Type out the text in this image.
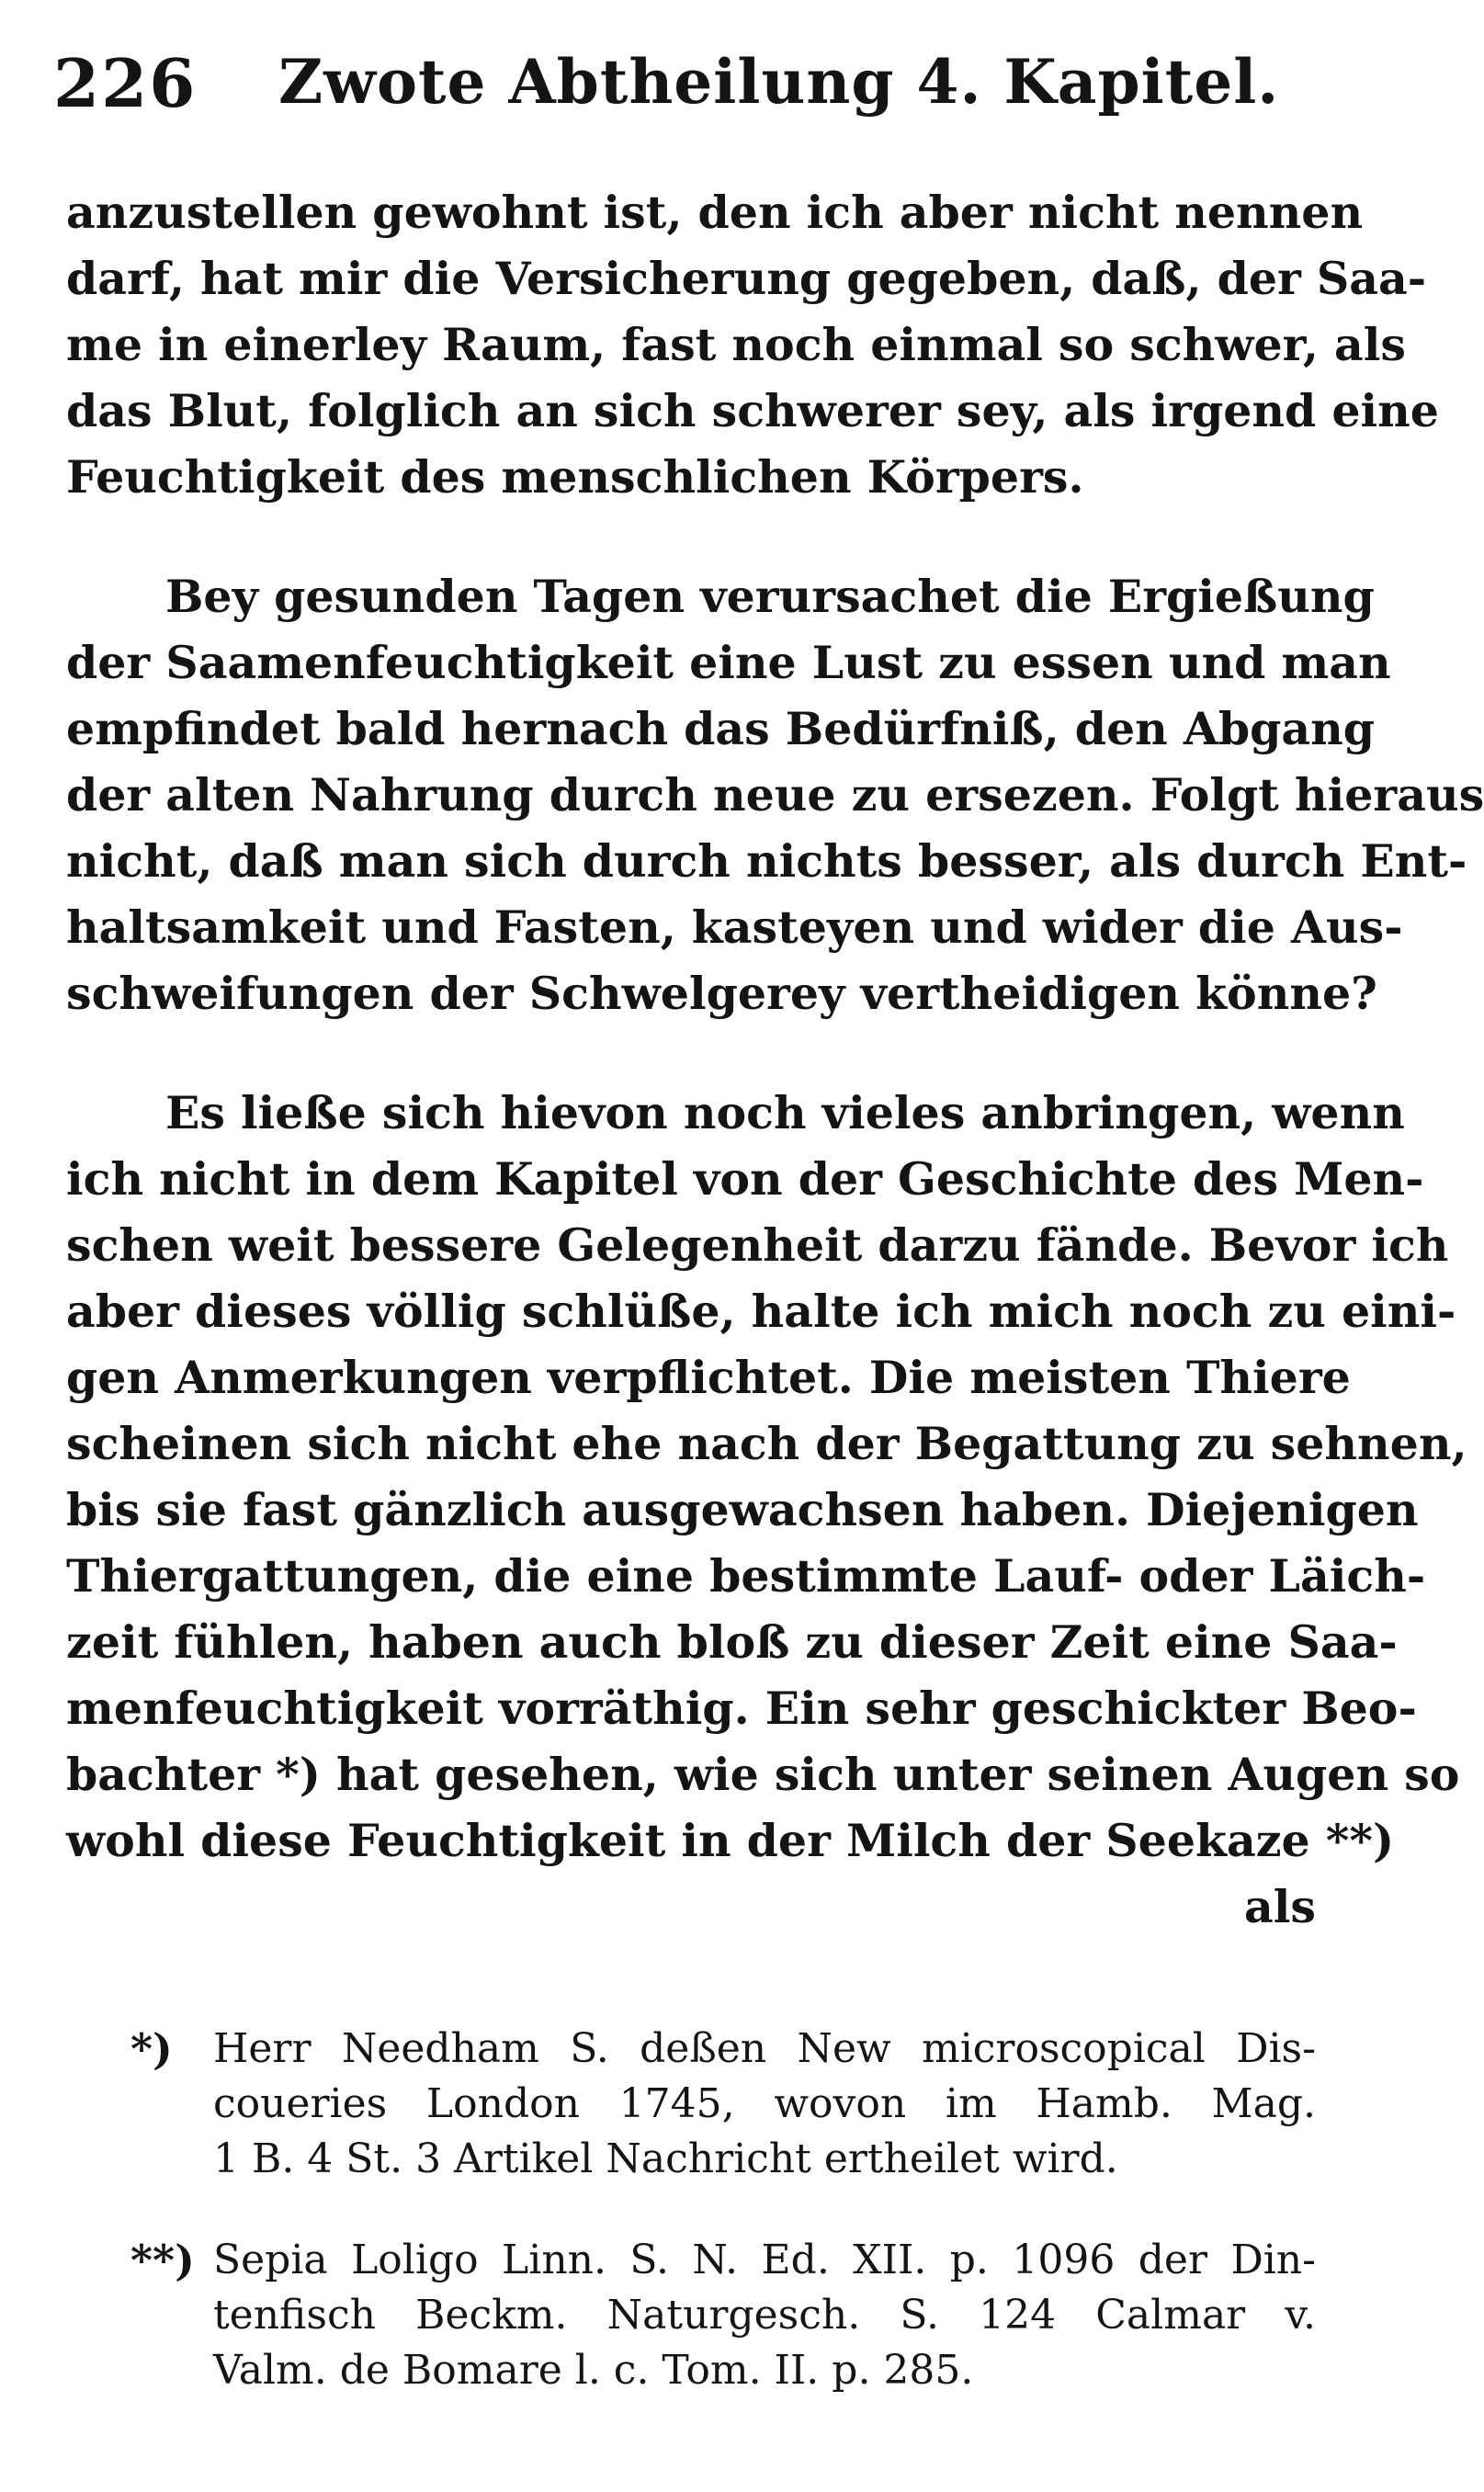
226 Zwote Abtheilung 4. Kapitel.
anzustellen gewohnt ist, den ich aber nicht nennen
darf, hat mir die Versicherung gegeben, daß, der Saa-
me in einerley Raum, fast noch einmal so schwer, als
das Blut, folglich an sich schwerer sey, als irgend eine
Feuchtigkeit des menschlichen Körpers.
Bey gesunden Tagen verursachet die Ergießung
der Saamenfeuchtigkeit eine Lust zu essen und man
empfindet bald hernach das Bedürfniß, den Abgang
der alten Nahrung durch neue zu ersezen. Folgt hieraus
nicht, daß man sich durch nichts besser, als durch Ent-
haltsamkeit und Fasten, kasteyen und wider die Aus-
schweifungen der Schwelgerey vertheidigen könne?
Es ließe sich hievon noch vieles anbringen, wenn
ich nicht in dem Kapitel von der Geschichte des Men-
schen weit bessere Gelegenheit darzu fände. Bevor ich
aber dieses völlig schlüße, halte ich mich noch zu eini-
gen Anmerkungen verpflichtet. Die meisten Thiere
scheinen sich nicht ehe nach der Begattung zu sehnen,
bis sie fast gänzlich ausgewachsen haben. Diejenigen
Thiergattungen, die eine bestimmte Lauf- oder Läich-
zeit fühlen, haben auch bloß zu dieser Zeit eine Saa-
menfeuchtigkeit vorräthig. Ein sehr geschickter Beo-
bachter *) hat gesehen, wie sich unter seinen Augen so
wohl diese Feuchtigkeit in der Milch der Seekaze **)
als
*) Herr Needham S. deßen New microscopical Dis-
coueries London 1745, wovon im Hamb. Mag.
1 B. 4 St. 3 Artikel Nachricht ertheilet wird.
**) Sepia Loligo Linn. S. N. Ed. XII. p. 1096 der Din-
tenfisch Beckm. Naturgesch. S. 124 Calmar v.
Valm. de Bomare l. c. Tom. II. p. 285.
